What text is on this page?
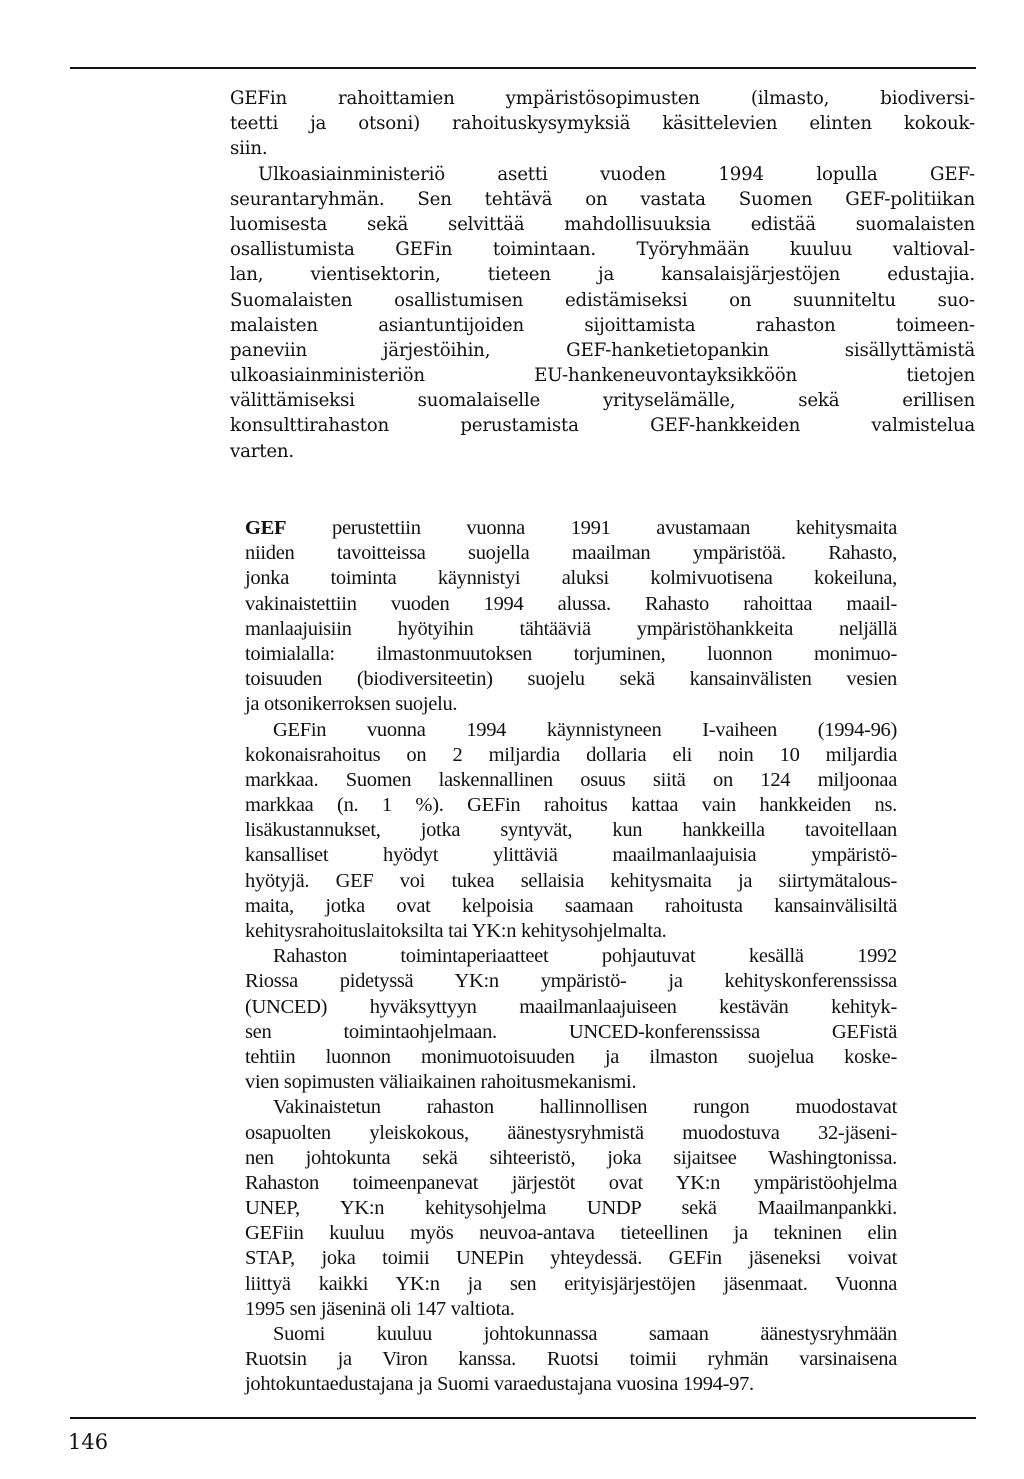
GEFin rahoittamien ympäristösopimusten (ilmasto, biodiversi-
teetti ja otsoni) rahoituskysymyksiä käsittelevien elinten kokouk-
siin.
Ulkoasiainministeriö asetti vuoden 1994 lopulla GEF-
seurantaryhmän. Sen tehtävä on vastata Suomen GEF-politiikan
luomisesta sekä selvittää mahdollisuuksia edistää suomalaisten
osallistumista GEFin toimintaan. Työryhmään kuuluu valtioval-
lan, vientisektorin, tieteen ja kansalaisjärjestöjen edustajia.
Suomalaisten osallistumisen edistämiseksi on suunniteltu suo-
malaisten asiantuntijoiden sijoittamista rahaston toimeen-
paneviin järjestöihin, GEF-hanketietopankin sisällyttämistä
ulkoasiainministeriön EU-hankeneuvontayksikköön tietojen
välittämiseksi suomalaiselle yrityselämälle, sekä erillisen
konsulttirahaston perustamista GEF-hankkeiden valmistelua
varten.
GEF perustettiin vuonna 1991 avustamaan kehitysmaita
niiden tavoitteissa suojella maailman ympäristöä. Rahasto,
jonka toiminta käynnistyi aluksi kolmivuotisena kokeiluna,
vakinaistettiin vuoden 1994 alussa. Rahasto rahoittaa maail-
manlaajuisiin hyötyihin tähtääviä ympäristöhankkeita neljällä
toimialalla: ilmastonmuutoksen torjuminen, luonnon monimuo-
toisuuden (biodiversiteetin) suojelu sekä kansainvälisten vesien
ja otsonikerroksen suojelu.
GEFin vuonna 1994 käynnistyneen I-vaiheen (1994-96)
kokonaisrahoitus on 2 miljardia dollaria eli noin 10 miljardia
markkaa. Suomen laskennallinen osuus siitä on 124 miljoonaa
markkaa (n. 1 %). GEFin rahoitus kattaa vain hankkeiden ns.
lisäkustannukset, jotka syntyvät, kun hankkeilla tavoitellaan
kansalliset hyödyt ylittäviä maailmanlaajuisia ympäristö-
hyötyjä. GEF voi tukea sellaisia kehitysmaita ja siirtymätalous-
maita, jotka ovat kelpoisia saamaan rahoitusta kansainvälisiltä
kehitysrahoituslaitoksilta tai YK:n kehitysohjelmalta.
Rahaston toimintaperiaatteet pohjautuvat kesällä 1992
Riossa pidetyssä YK:n ympäristö- ja kehityskonferenssissa
(UNCED) hyväksyttyyn maailmanlaajuiseen kestävän kehityk-
sen toimintaohjelmaan. UNCED-konferenssissa GEFistä
tehtiin luonnon monimuotoisuuden ja ilmaston suojelua koske-
vien sopimusten väliaikainen rahoitusmekanismi.
Vakinaistetun rahaston hallinnollisen rungon muodostavat
osapuolten yleiskokous, äänestysryhmistä muodostuva 32-jäseni-
nen johtokunta sekä sihteeristö, joka sijaitsee Washingtonissa.
Rahaston toimeenpanevat järjestöt ovat YK:n ympäristöohjelma
UNEP, YK:n kehitysohjelma UNDP sekä Maailmanpankki.
GEFiin kuuluu myös neuvoa-antava tieteellinen ja tekninen elin
STAP, joka toimii UNEPin yhteydessä. GEFin jäseneksi voivat
liittyä kaikki YK:n ja sen erityisjärjestöjen jäsenmaat. Vuonna
1995 sen jäseninä oli 147 valtiota.
Suomi kuuluu johtokunnassa samaan äänestysryhmään
Ruotsin ja Viron kanssa. Ruotsi toimii ryhmän varsinaisena
johtokuntaedustajana ja Suomi varaedustajana vuosina 1994-97.
146
